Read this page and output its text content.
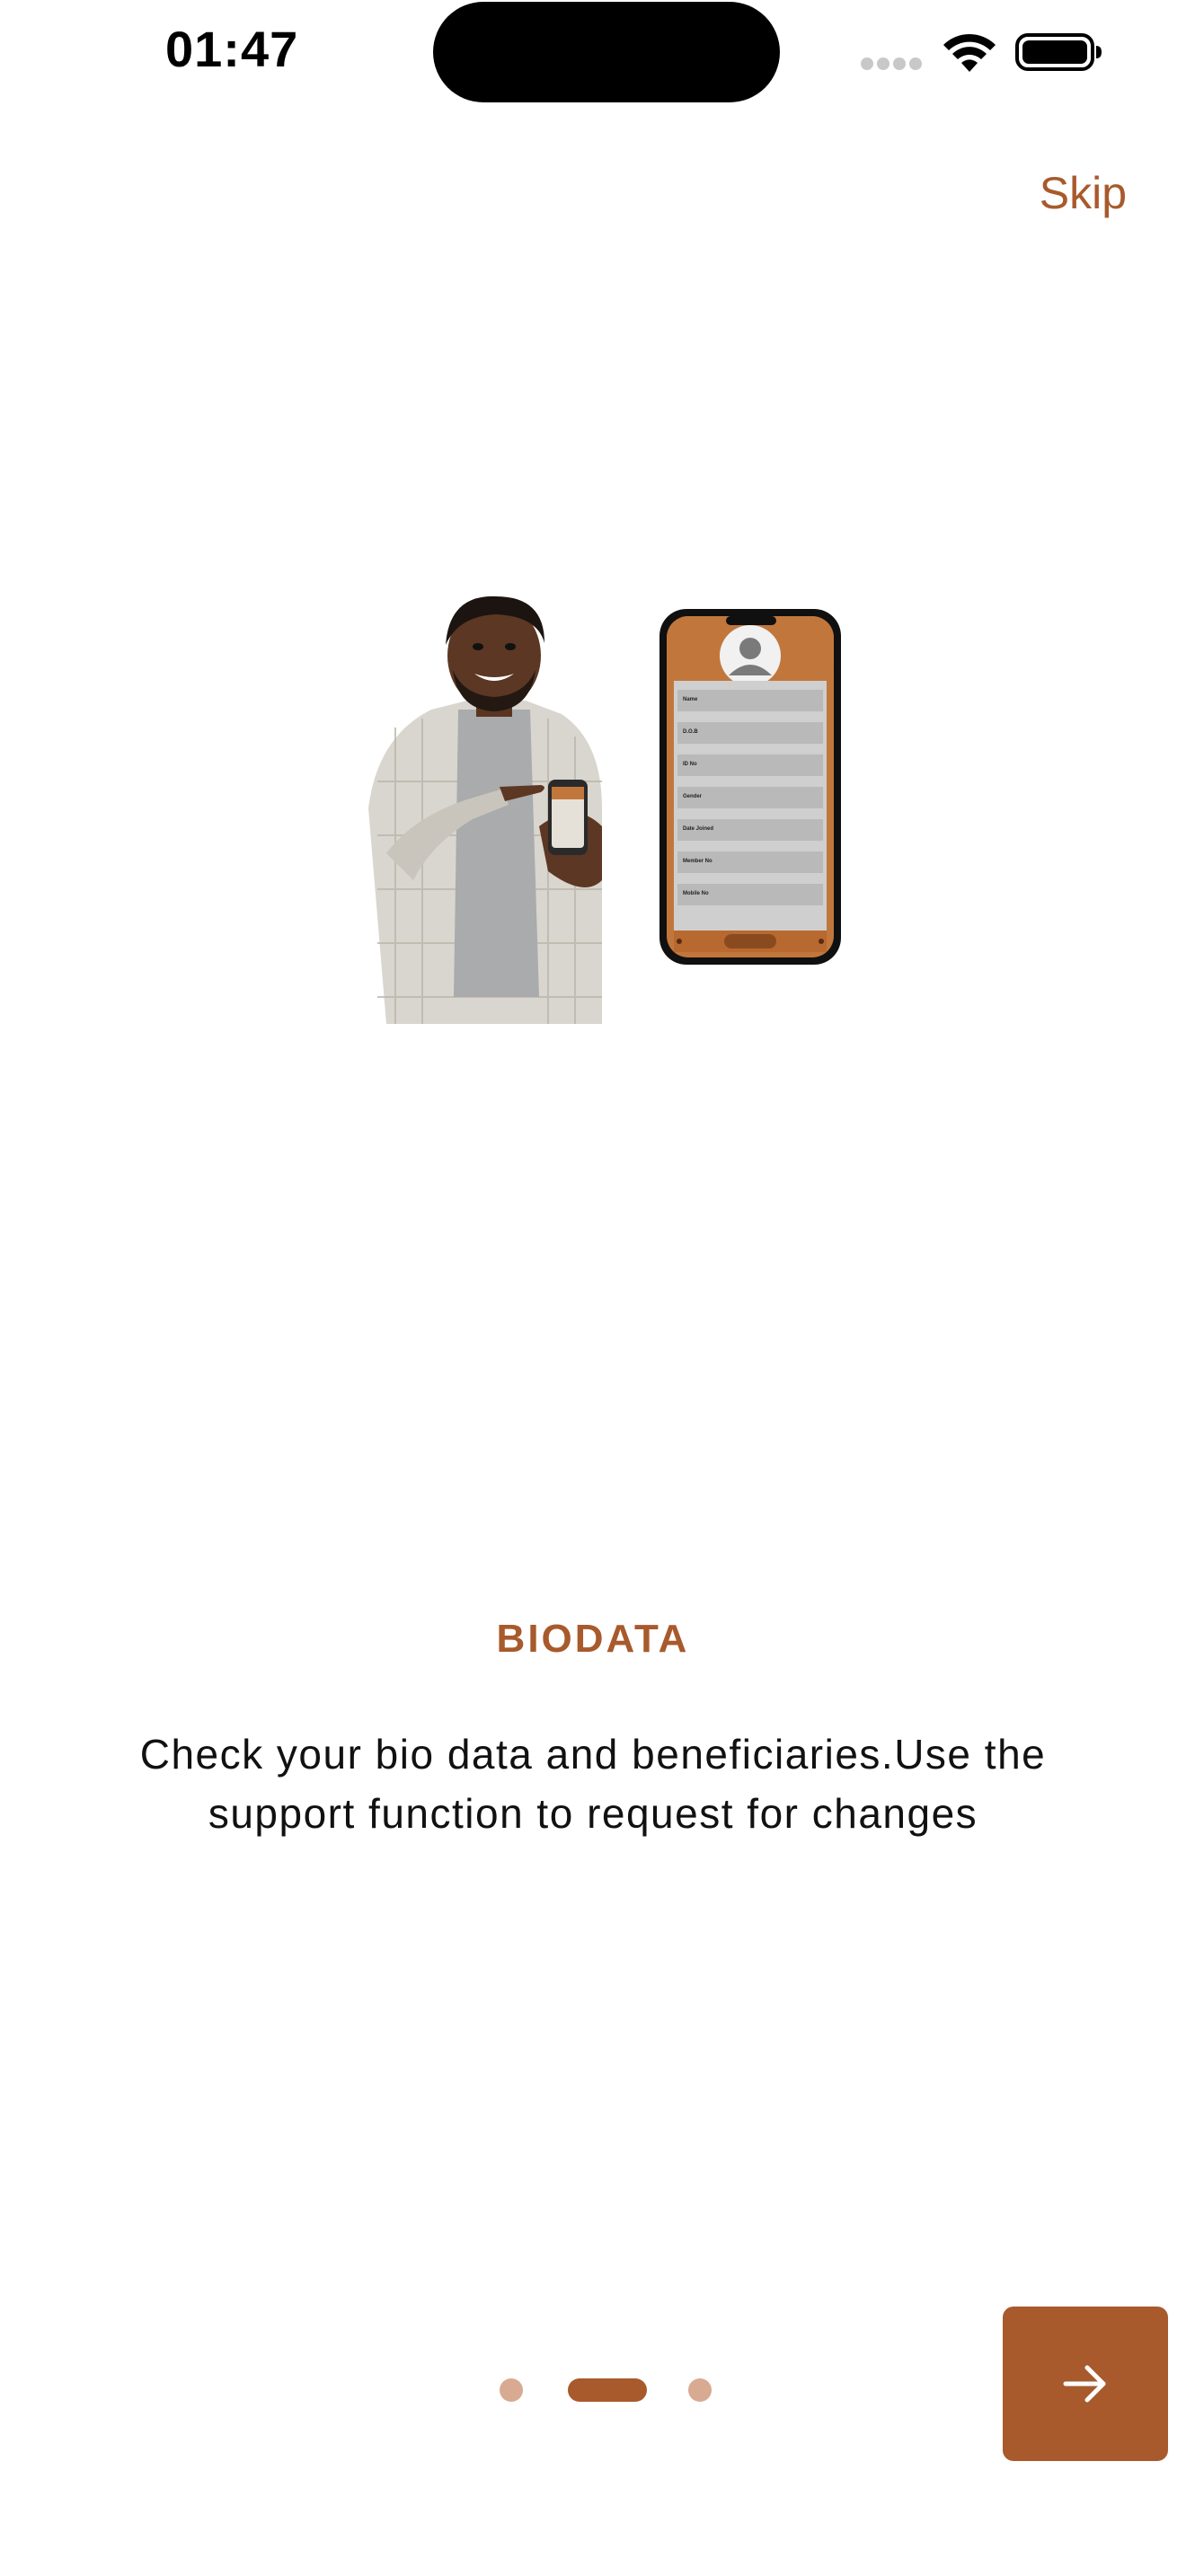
01:47
Skip
Name
D.O.B
ID No
Gender
Date Joined
Member No
Mobile No
BIODATA
Check your bio data and beneficiaries.Use the support function to request for changes
